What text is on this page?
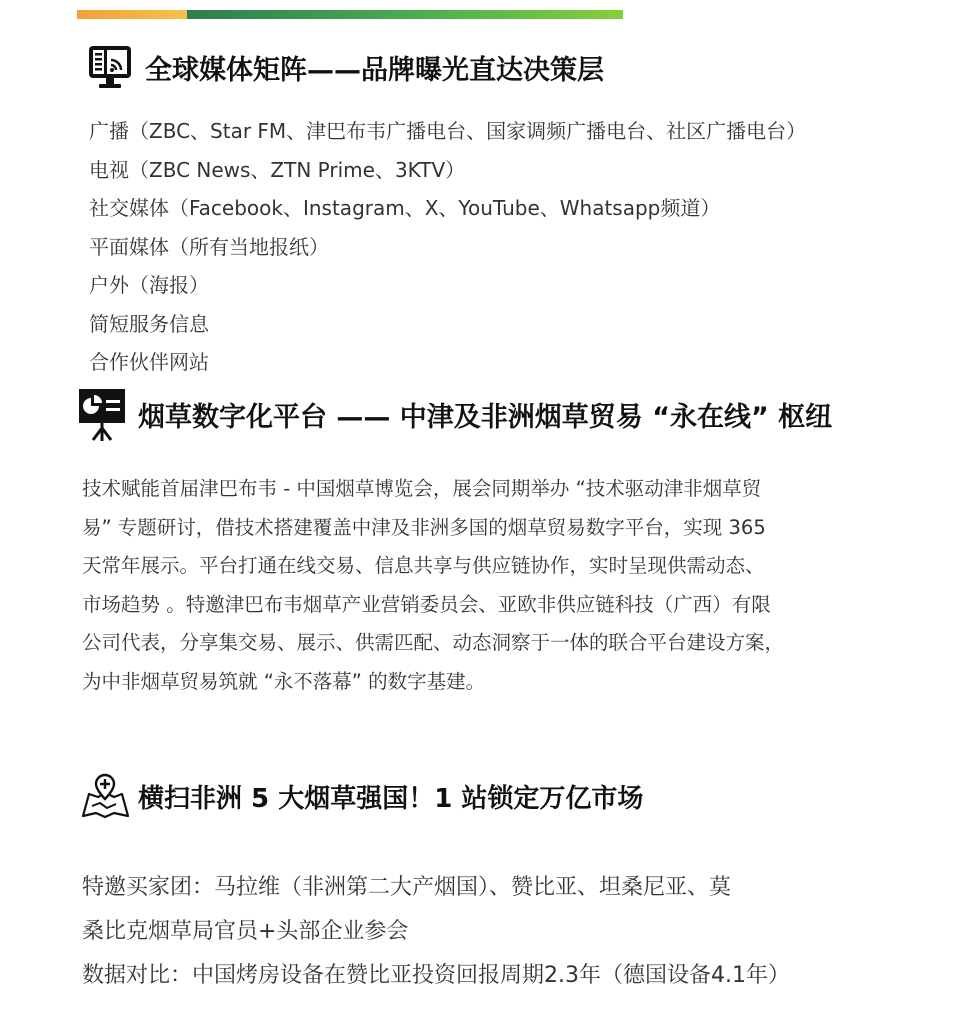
全球媒体矩阵——品牌曝光直达决策层
广播（ZBC、Star FM、津巴布韦广播电台、国家调频广播电台、社区广播电台）
电视（ZBC News、ZTN Prime、3KTV）
社交媒体（Facebook、Instagram、X、YouTube、Whatsapp频道）
平面媒体（所有当地报纸）
户外（海报）
简短服务信息
合作伙伴网站
烟草数字化平台 —— 中津及非洲烟草贸易 “永在线” 枢纽
技术赋能首届津巴布韦 - 中国烟草博览会，展会同期举办 “技术驱动津非烟草贸
易” 专题研讨，借技术搭建覆盖中津及非洲多国的烟草贸易数字平台，实现 365
天常年展示。平台打通在线交易、信息共享与供应链协作，实时呈现供需动态、
市场趋势 。特邀津巴布韦烟草产业营销委员会、亚欧非供应链科技（广西）有限
公司代表，分享集交易、展示、供需匹配、动态洞察于一体的联合平台建设方案，
为中非烟草贸易筑就 “永不落幕” 的数字基建。
横扫非洲 5 大烟草强国！1 站锁定万亿市场
特邀买家团：马拉维（非洲第二大产烟国）、赞比亚、坦桑尼亚、莫
桑比克烟草局官员+头部企业参会
数据对比：中国烤房设备在赞比亚投资回报周期2.3年（德国设备4.1年）
